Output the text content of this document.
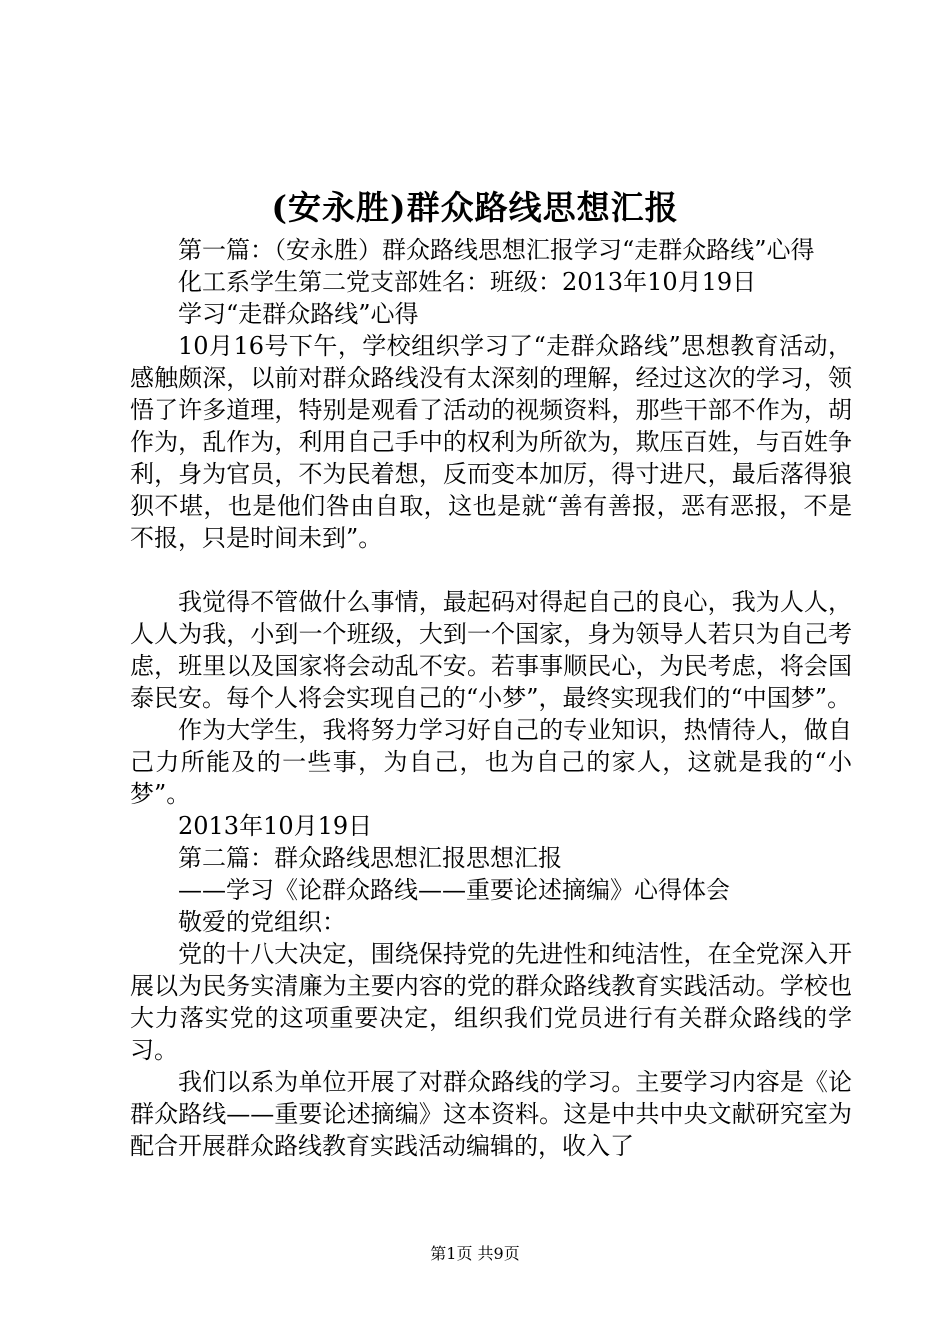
(安永胜)群众路线思想汇报

第一篇：（安永胜）群众路线思想汇报学习“走群众路线”心得

化工系学生第二党支部姓名：班级：2013年10月19日

学习“走群众路线”心得

10月16号下午，学校组织学习了“走群众路线”思想教育活动，感触颇深，以前对群众路线没有太深刻的理解，经过这次的学习，领悟了许多道理，特别是观看了活动的视频资料，那些干部不作为，胡作为，乱作为，利用自己手中的权利为所欲为，欺压百姓，与百姓争利，身为官员，不为民着想，反而变本加厉，得寸进尺，最后落得狼狈不堪，也是他们咎由自取，这也是就“善有善报，恶有恶报，不是不报，只是时间未到”。

我觉得不管做什么事情，最起码对得起自己的良心，我为人人，人人为我，小到一个班级，大到一个国家，身为领导人若只为自己考虑，班里以及国家将会动乱不安。若事事顺民心，为民考虑，将会国泰民安。每个人将会实现自己的“小梦”，最终实现我们的“中国梦”。

作为大学生，我将努力学习好自己的专业知识，热情待人，做自己力所能及的一些事，为自己，也为自己的家人，这就是我的“小梦”。

2013年10月19日

第二篇：群众路线思想汇报思想汇报

——学习《论群众路线——重要论述摘编》心得体会

敬爱的党组织：

党的十八大决定，围绕保持党的先进性和纯洁性，在全党深入开展以为民务实清廉为主要内容的党的群众路线教育实践活动。学校也大力落实党的这项重要决定，组织我们党员进行有关群众路线的学习。

我们以系为单位开展了对群众路线的学习。主要学习内容是《论群众路线——重要论述摘编》这本资料。这是中共中央文献研究室为配合开展群众路线教育实践活动编辑的，收入了

第1页 共9页
